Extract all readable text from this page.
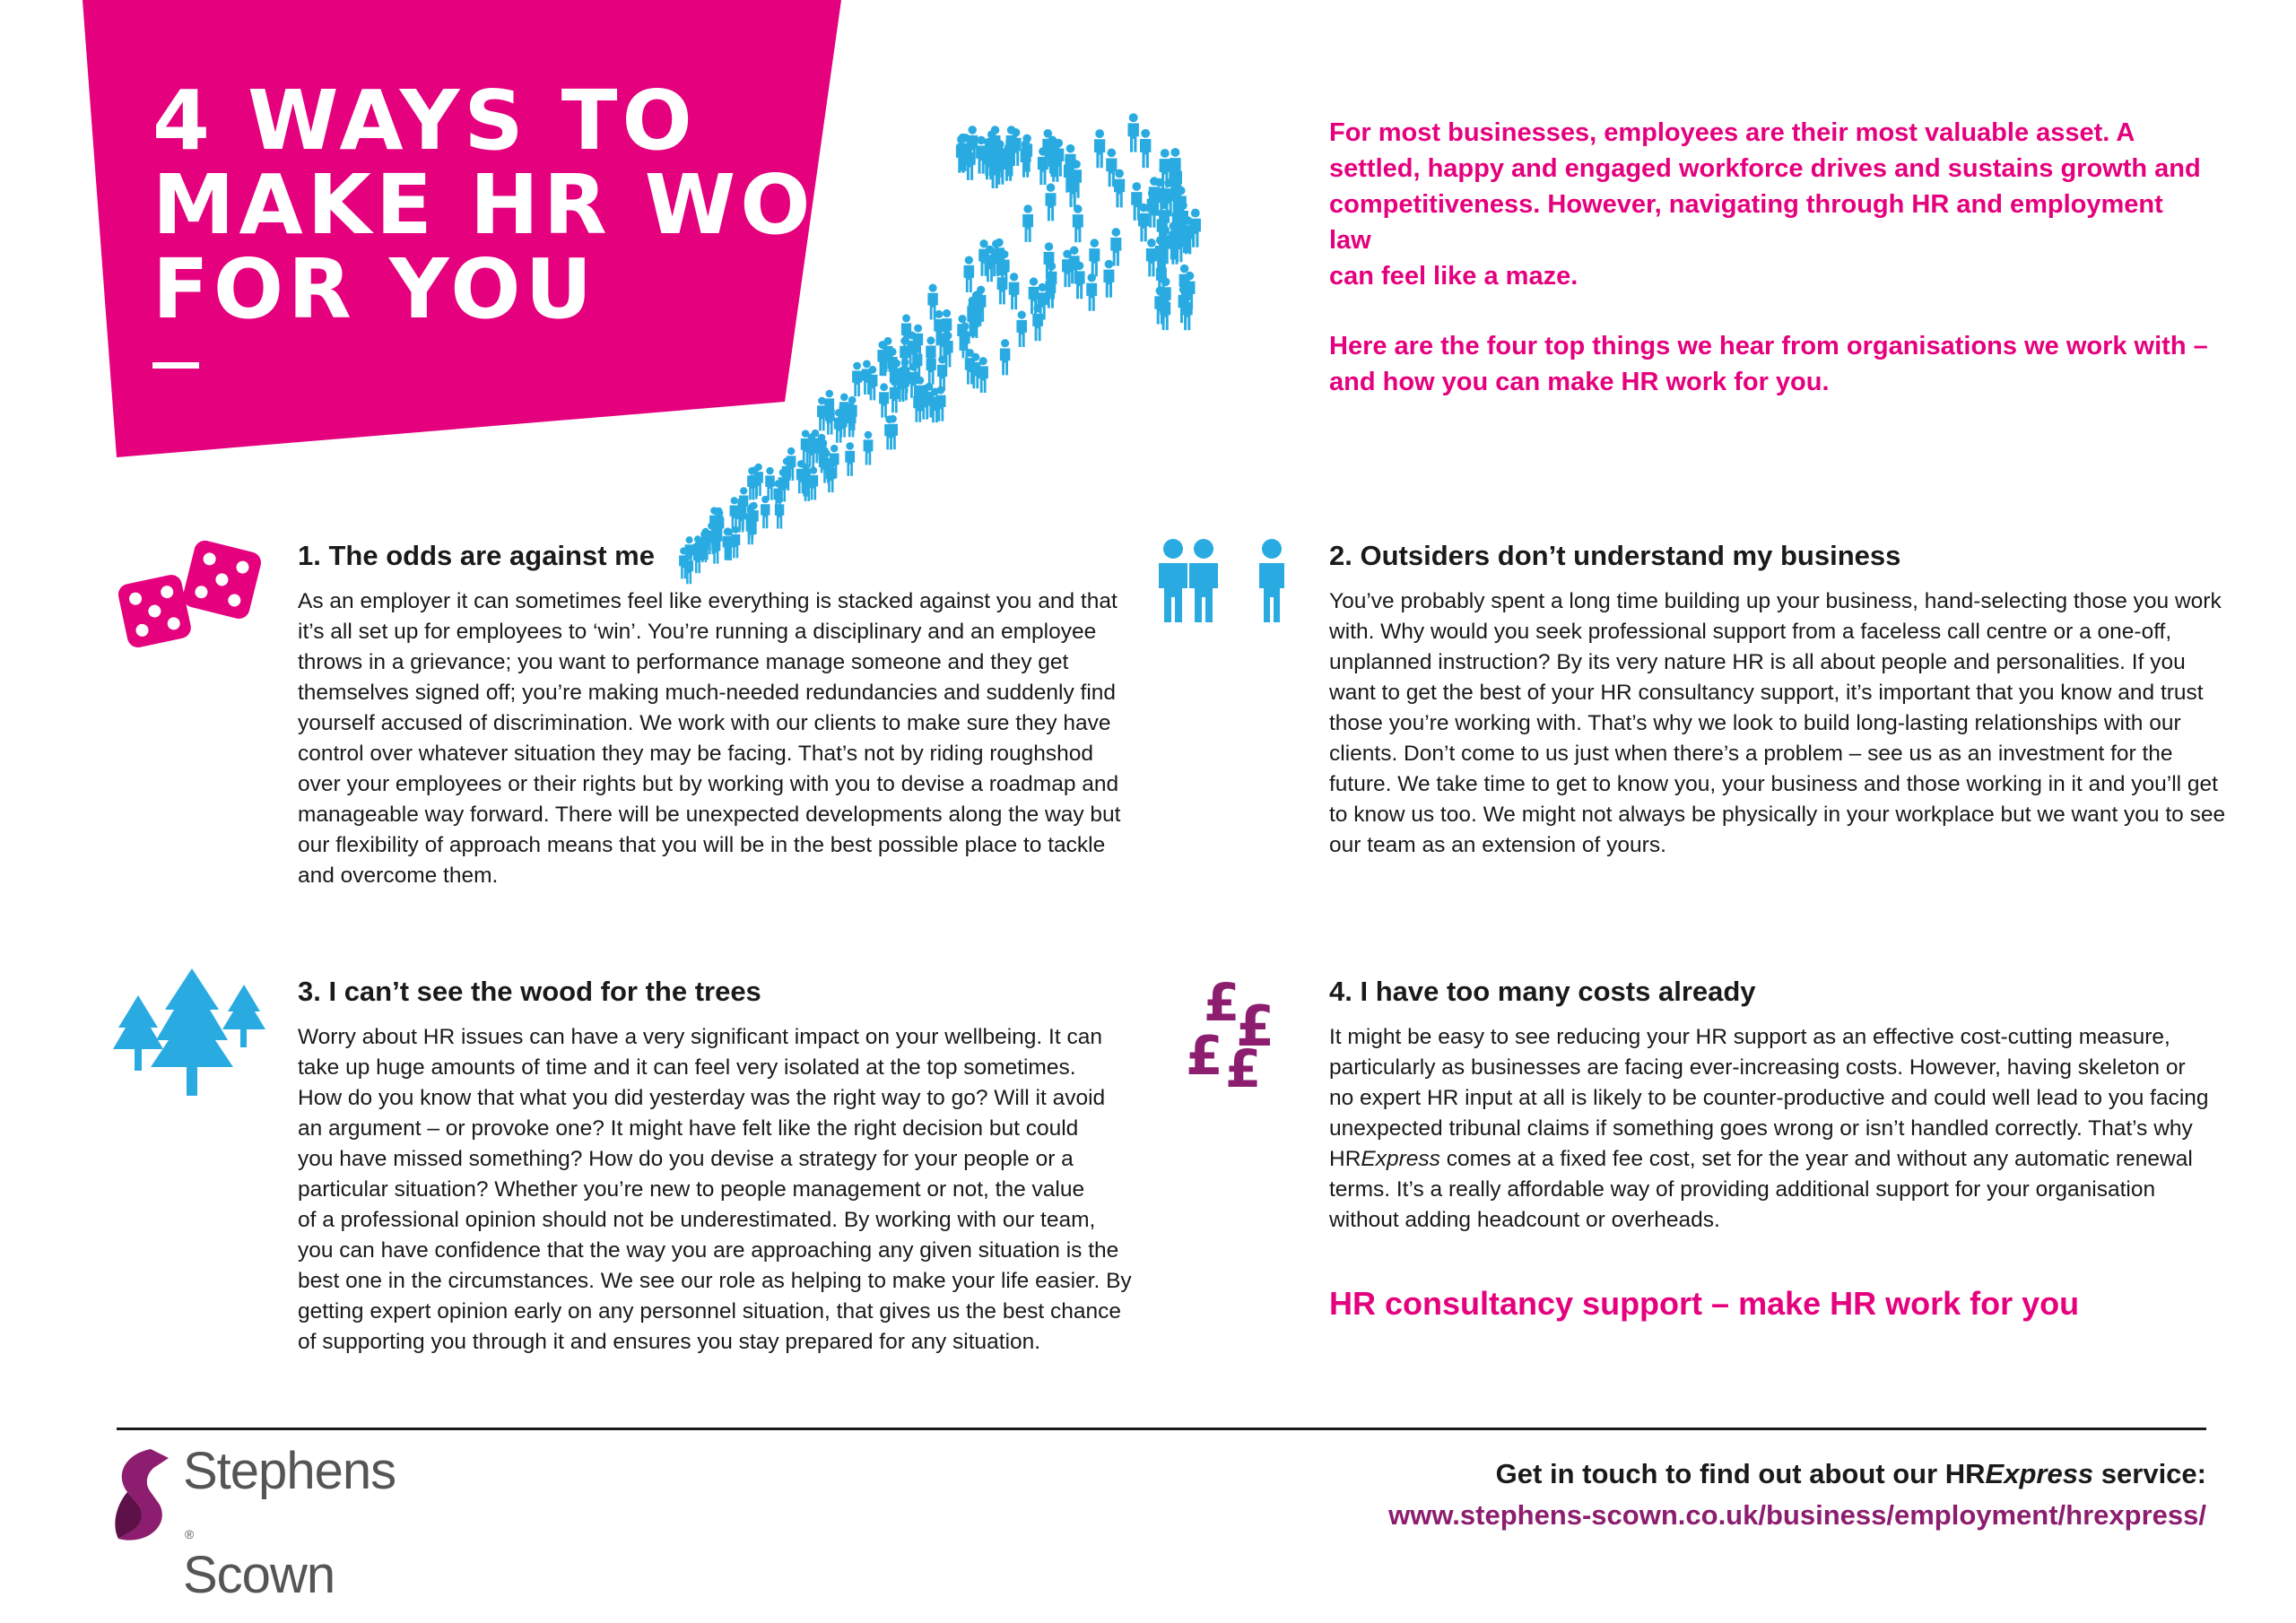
4 WAYS TO
MAKE HR WORK
FOR YOU

For most businesses, employees are their most valuable asset. A
settled, happy and engaged workforce drives and sustains growth and
competitiveness. However, navigating through HR and employment law
can feel like a maze.

Here are the four top things we hear from organisations we work with –
and how you can make HR work for you.

£
£
£ £
1. The odds are against me

As an employer it can sometimes feel like everything is stacked against you and that
it’s all set up for employees to ‘win’. You’re running a disciplinary and an employee
throws in a grievance; you want to performance manage someone and they get
themselves signed off; you’re making much-needed redundancies and suddenly find
yourself accused of discrimination. We work with our clients to make sure they have
control over whatever situation they may be facing. That’s not by riding roughshod
over your employees or their rights but by working with you to devise a roadmap and
manageable way forward. There will be unexpected developments along the way but
our flexibility of approach means that you will be in the best possible place to tackle
and overcome them.

2. Outsiders don’t understand my business

You’ve probably spent a long time building up your business, hand-selecting those you work
with. Why would you seek professional support from a faceless call centre or a one-off,
unplanned instruction? By its very nature HR is all about people and personalities. If you
want to get the best of your HR consultancy support, it’s important that you know and trust
those you’re working with. That’s why we look to build long-lasting relationships with our
clients. Don’t come to us just when there’s a problem – see us as an investment for the
future. We take time to get to know you, your business and those working in it and you’ll get
to know us too. We might not always be physically in your workplace but we want you to see
our team as an extension of yours.

3. I can’t see the wood for the trees

Worry about HR issues can have a very significant impact on your wellbeing. It can
take up huge amounts of time and it can feel very isolated at the top sometimes.
How do you know that what you did yesterday was the right way to go? Will it avoid
an argument – or provoke one? It might have felt like the right decision but could
you have missed something? How do you devise a strategy for your people or a
particular situation? Whether you’re new to people management or not, the value
of a professional opinion should not be underestimated. By working with our team,
you can have confidence that the way you are approaching any given situation is the
best one in the circumstances. We see our role as helping to make your life easier. By
getting expert opinion early on any personnel situation, that gives us the best chance
of supporting you through it and ensures you stay prepared for any situation.

4. I have too many costs already

It might be easy to see reducing your HR support as an effective cost-cutting measure,
particularly as businesses are facing ever-increasing costs. However, having skeleton or
no expert HR input at all is likely to be counter-productive and could well lead to you facing
unexpected tribunal claims if something goes wrong or isn’t handled correctly. That’s why
HRExpress comes at a fixed fee cost, set for the year and without any automatic renewal
terms. It’s a really affordable way of providing additional support for your organisation
without adding headcount or overheads.

HR consultancy support – make HR work for you
Stephens
®
Scown
Get in touch to find out about our HRExpress service:
www.stephens-scown.co.uk/business/employment/hrexpress/
